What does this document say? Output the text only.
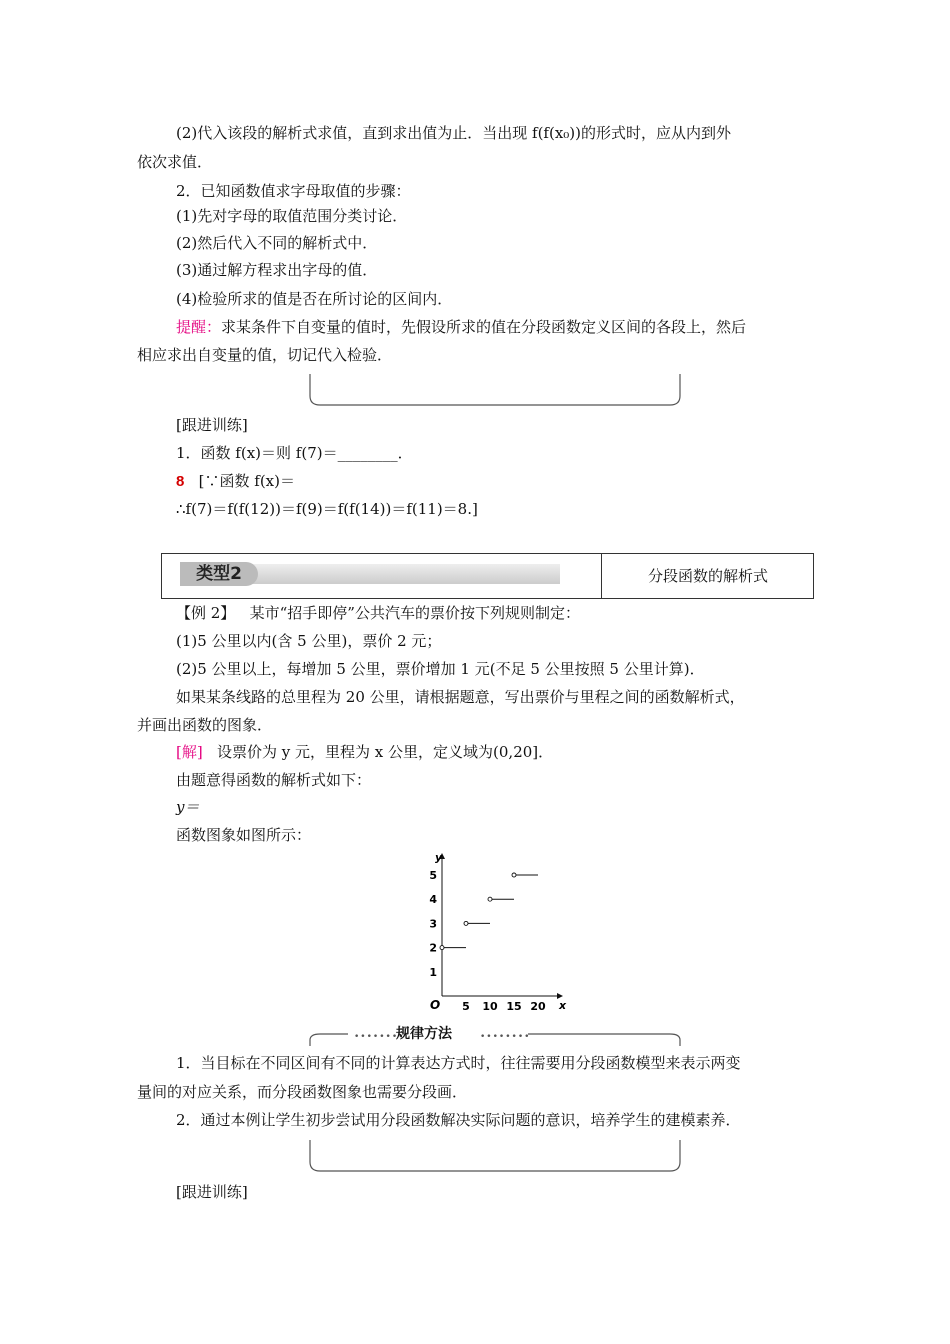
(2)代入该段的解析式求值，直到求出值为止．当出现 f(f(x₀))的形式时，应从内到外
依次求值．
2．已知函数值求字母取值的步骤：
(1)先对字母的取值范围分类讨论．
(2)然后代入不同的解析式中．
(3)通过解方程求出字母的值．
(4)检验所求的值是否在所讨论的区间内．
提醒：求某条件下自变量的值时，先假设所求的值在分段函数定义区间的各段上，然后
相应求出自变量的值，切记代入检验．
[跟进训练]
1．函数 f(x)＝则 f(7)＝________．
8 [∵函数 f(x)＝
∴f(7)＝f(f(12))＝f(9)＝f(f(14))＝f(11)＝8.]
类型2	分段函数的解析式
【例 2】 某市“招手即停”公共汽车的票价按下列规则制定：
(1)5 公里以内(含 5 公里)，票价 2 元；
(2)5 公里以上，每增加 5 公里，票价增加 1 元(不足 5 公里按照 5 公里计算)．
如果某条线路的总里程为 20 公里，请根据题意，写出票价与里程之间的函数解析式，
并画出函数的图象．
[解] 设票价为 y 元，里程为 x 公里，定义域为(0,20]．
由题意得函数的解析式如下：
y＝
函数图象如图所示：
x
y
O 5 10 15 20
1
2
3
4
5
••••••••	••••••••
规律方法
1．当目标在不同区间有不同的计算表达方式时，往往需要用分段函数模型来表示两变
量间的对应关系，而分段函数图象也需要分段画．
2．通过本例让学生初步尝试用分段函数解决实际问题的意识，培养学生的建模素养．
[跟进训练]
